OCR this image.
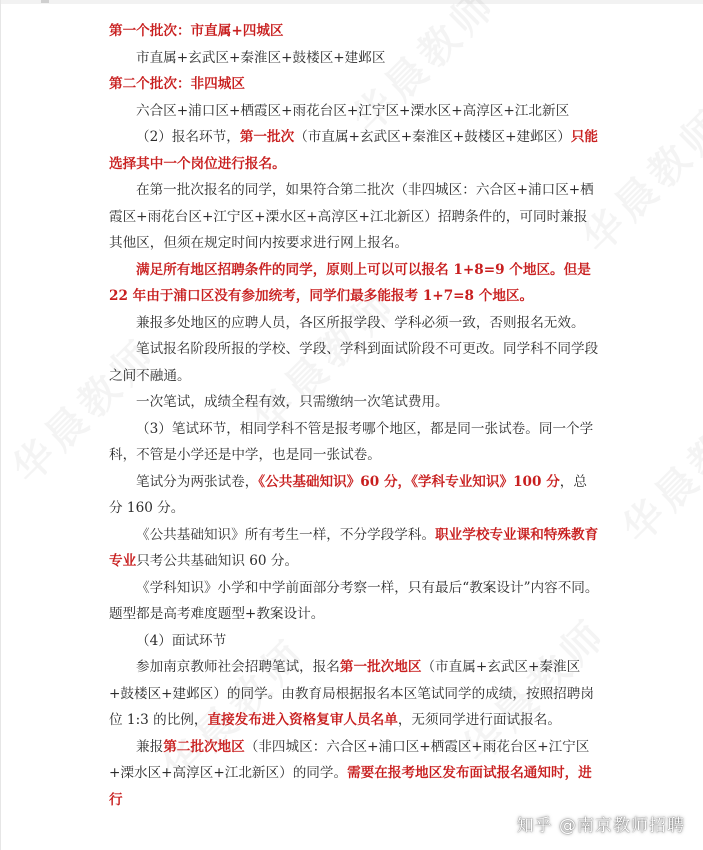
第一个批次：市直属+四城区

市直属+玄武区+秦淮区+鼓楼区+建邺区

第二个批次：非四城区

六合区+浦口区+栖霞区+雨花台区+江宁区+溧水区+高淳区+江北新区

（2）报名环节，第一批次（市直属+玄武区+秦淮区+鼓楼区+建邺区）只能选择其中一个岗位进行报名。

在第一批次报名的同学，如果符合第二批次（非四城区：六合区+浦口区+栖霞区+雨花台区+江宁区+溧水区+高淳区+江北新区）招聘条件的，可同时兼报其他区，但须在规定时间内按要求进行网上报名。

满足所有地区招聘条件的同学，原则上可以可以报名 1+8=9 个地区。但是22 年由于浦口区没有参加统考，同学们最多能报考 1+7=8 个地区。

兼报多处地区的应聘人员，各区所报学段、学科必须一致，否则报名无效。

笔试报名阶段所报的学校、学段、学科到面试阶段不可更改。同学科不同学段之间不融通。

一次笔试，成绩全程有效，只需缴纳一次笔试费用。

（3）笔试环节，相同学科不管是报考哪个地区，都是同一张试卷。同一个学科，不管是小学还是中学，也是同一张试卷。

笔试分为两张试卷，《公共基础知识》60 分，《学科专业知识》100 分，总分 160 分。

《公共基础知识》所有考生一样，不分学段学科。职业学校专业课和特殊教育专业只考公共基础知识 60 分。

《学科知识》小学和中学前面部分考察一样，只有最后“教案设计”内容不同。题型都是高考难度题型+教案设计。

（4）面试环节

参加南京教师社会招聘笔试，报名第一批次地区（市直属+玄武区+秦淮区+鼓楼区+建邺区）的同学。由教育局根据报名本区笔试同学的成绩，按照招聘岗位 1:3 的比例，直接发布进入资格复审人员名单，无须同学进行面试报名。

兼报第二批次地区（非四城区：六合区+浦口区+栖霞区+雨花台区+江宁区+溧水区+高淳区+江北新区）的同学。需要在报考地区发布面试报名通知时，进行

知乎 @南京教师招聘
